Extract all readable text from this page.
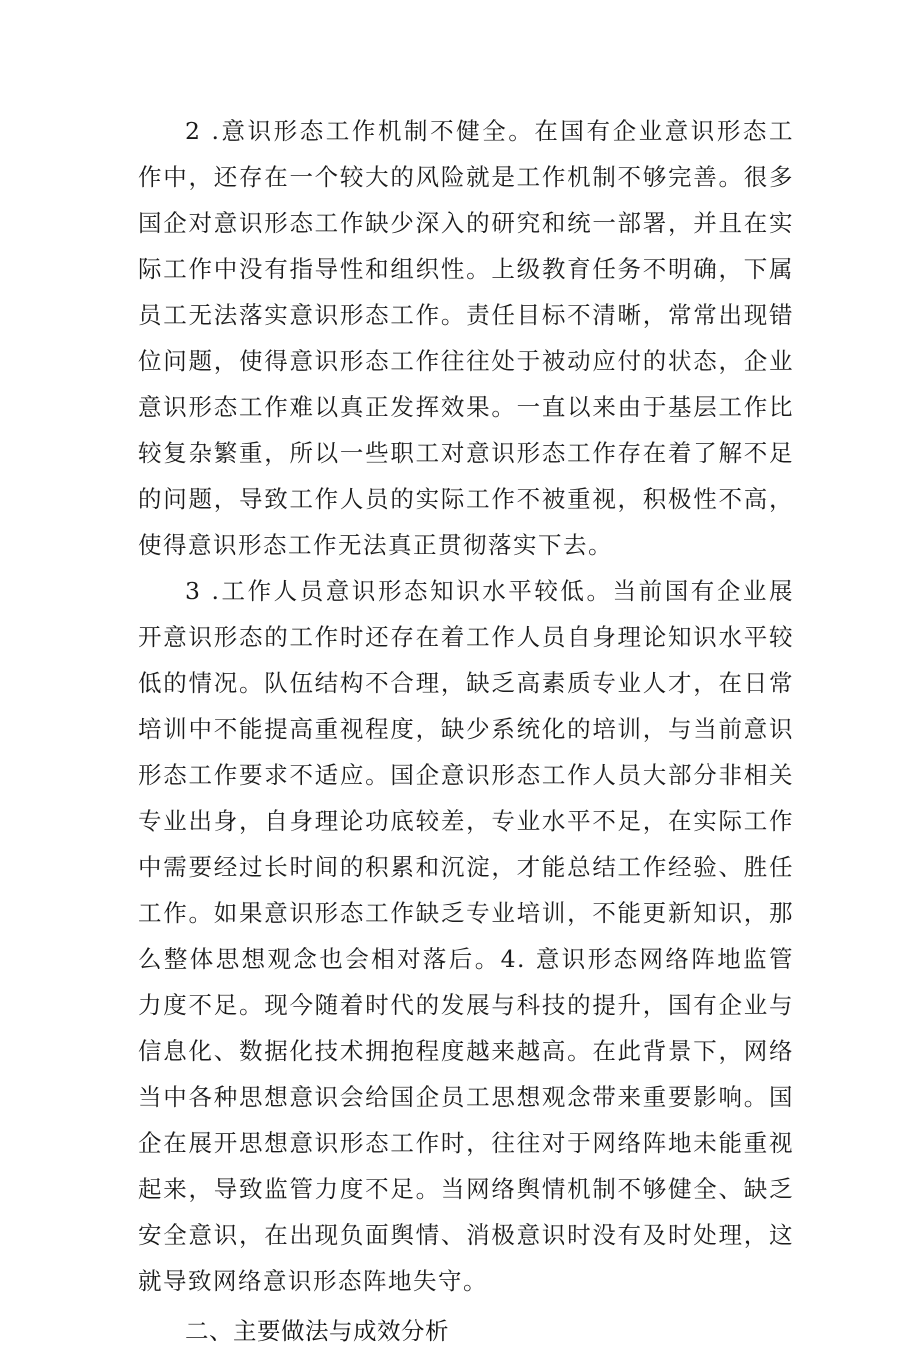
2 .意识形态工作机制不健全。在国有企业意识形态工作中，还存在一个较大的风险就是工作机制不够完善。很多国企对意识形态工作缺少深入的研究和统一部署，并且在实际工作中没有指导性和组织性。上级教育任务不明确，下属员工无法落实意识形态工作。责任目标不清晰，常常出现错位问题，使得意识形态工作往往处于被动应付的状态，企业意识形态工作难以真正发挥效果。一直以来由于基层工作比较复杂繁重，所以一些职工对意识形态工作存在着了解不足的问题，导致工作人员的实际工作不被重视，积极性不高，使得意识形态工作无法真正贯彻落实下去。

3 .工作人员意识形态知识水平较低。当前国有企业展开意识形态的工作时还存在着工作人员自身理论知识水平较低的情况。队伍结构不合理，缺乏高素质专业人才，在日常培训中不能提高重视程度，缺少系统化的培训，与当前意识形态工作要求不适应。国企意识形态工作人员大部分非相关专业出身，自身理论功底较差，专业水平不足，在实际工作中需要经过长时间的积累和沉淀，才能总结工作经验、胜任工作。如果意识形态工作缺乏专业培训，不能更新知识，那么整体思想观念也会相对落后。4. 意识形态网络阵地监管力度不足。现今随着时代的发展与科技的提升，国有企业与信息化、数据化技术拥抱程度越来越高。在此背景下，网络当中各种思想意识会给国企员工思想观念带来重要影响。国企在展开思想意识形态工作时，往往对于网络阵地未能重视起来，导致监管力度不足。当网络舆情机制不够健全、缺乏安全意识，在出现负面舆情、消极意识时没有及时处理，这就导致网络意识形态阵地失守。

二、主要做法与成效分析
